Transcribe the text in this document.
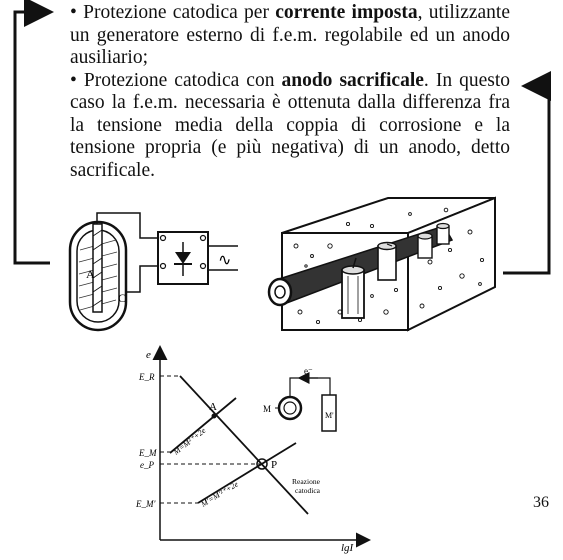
• Protezione catodica per corrente imposta, utilizzante un generatore esterno di f.e.m. regolabile ed un anodo ausiliario;

• Protezione catodica con anodo sacrificale. In questo caso la f.e.m. necessaria è ottenuta dalla differenza fra la tensione media della coppia di corrosione e la tensione propria (e più negativa) di un anodo, detto sacrificale.

A
C
∿
e
lgI
E_R
E_M
e_P
E_M'
A
P
M=M²⁺+2e
M'=M'²⁺+2e	Reazione
catodica
e⁻
M
M'
36
